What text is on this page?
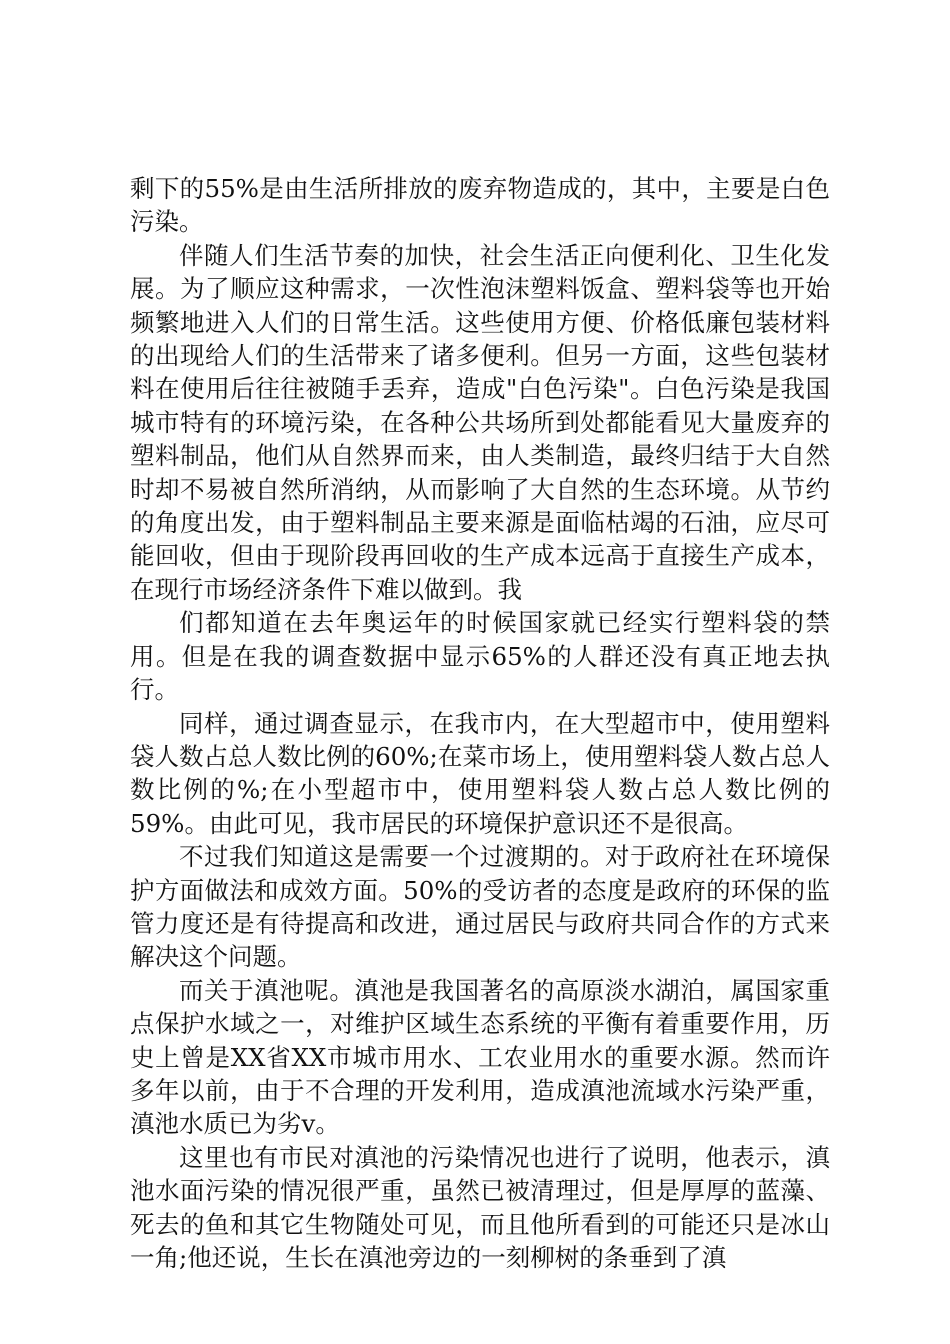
剩下的55%是由生活所排放的废弃物造成的，其中，主要是白色污染。

伴随人们生活节奏的加快，社会生活正向便利化、卫生化发展。为了顺应这种需求，一次性泡沫塑料饭盒、塑料袋等也开始频繁地进入人们的日常生活。这些使用方便、价格低廉包装材料的出现给人们的生活带来了诸多便利。但另一方面，这些包装材料在使用后往往被随手丢弃，造成"白色污染"。白色污染是我国城市特有的环境污染，在各种公共场所到处都能看见大量废弃的塑料制品，他们从自然界而来，由人类制造，最终归结于大自然时却不易被自然所消纳，从而影响了大自然的生态环境。从节约的角度出发，由于塑料制品主要来源是面临枯竭的石油，应尽可能回收，但由于现阶段再回收的生产成本远高于直接生产成本，在现行市场经济条件下难以做到。我

们都知道在去年奥运年的时候国家就已经实行塑料袋的禁用。但是在我的调查数据中显示65%的人群还没有真正地去执行。

同样，通过调查显示，在我市内，在大型超市中，使用塑料袋人数占总人数比例的60%;在菜市场上，使用塑料袋人数占总人数比例的%;在小型超市中，使用塑料袋人数占总人数比例的59%。由此可见，我市居民的环境保护意识还不是很高。

不过我们知道这是需要一个过渡期的。对于政府社在环境保护方面做法和成效方面。50%的受访者的态度是政府的环保的监管力度还是有待提高和改进，通过居民与政府共同合作的方式来解决这个问题。

而关于滇池呢。滇池是我国著名的高原淡水湖泊，属国家重点保护水域之一，对维护区域生态系统的平衡有着重要作用，历史上曾是XX省XX市城市用水、工农业用水的重要水源。然而许多年以前，由于不合理的开发利用，造成滇池流域水污染严重，滇池水质已为劣v。

这里也有市民对滇池的污染情况也进行了说明，他表示，滇池水面污染的情况很严重，虽然已被清理过，但是厚厚的蓝藻、死去的鱼和其它生物随处可见，而且他所看到的可能还只是冰山一角;他还说，生长在滇池旁边的一刻柳树的条垂到了滇
